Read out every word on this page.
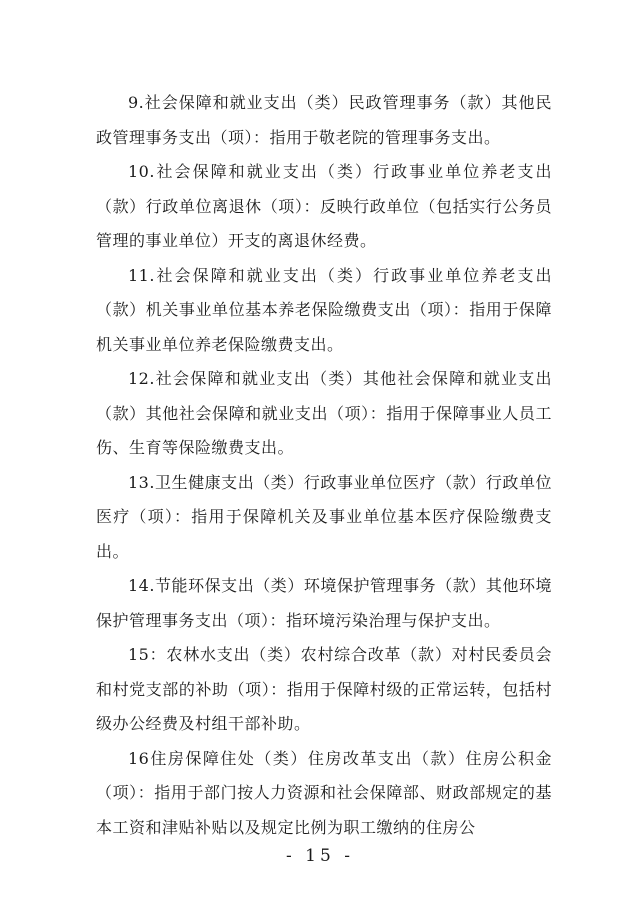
9.社会保障和就业支出（类）民政管理事务（款）其他民政管理事务支出（项）：指用于敬老院的管理事务支出。

10.社会保障和就业支出（类）行政事业单位养老支出（款）行政单位离退休（项）：反映行政单位（包括实行公务员管理的事业单位）开支的离退休经费。

11.社会保障和就业支出（类）行政事业单位养老支出（款）机关事业单位基本养老保险缴费支出（项）：指用于保障机关事业单位养老保险缴费支出。

12.社会保障和就业支出（类）其他社会保障和就业支出（款）其他社会保障和就业支出（项）：指用于保障事业人员工伤、生育等保险缴费支出。

13.卫生健康支出（类）行政事业单位医疗（款）行政单位医疗（项）：指用于保障机关及事业单位基本医疗保险缴费支出。

14.节能环保支出（类）环境保护管理事务（款）其他环境保护管理事务支出（项）：指环境污染治理与保护支出。

15：农林水支出（类）农村综合改革（款）对村民委员会和村党支部的补助（项）：指用于保障村级的正常运转，包括村级办公经费及村组干部补助。

16住房保障住处（类）住房改革支出（款）住房公积金（项）：指用于部门按人力资源和社会保障部、财政部规定的基本工资和津贴补贴以及规定比例为职工缴纳的住房公

- 15 -
